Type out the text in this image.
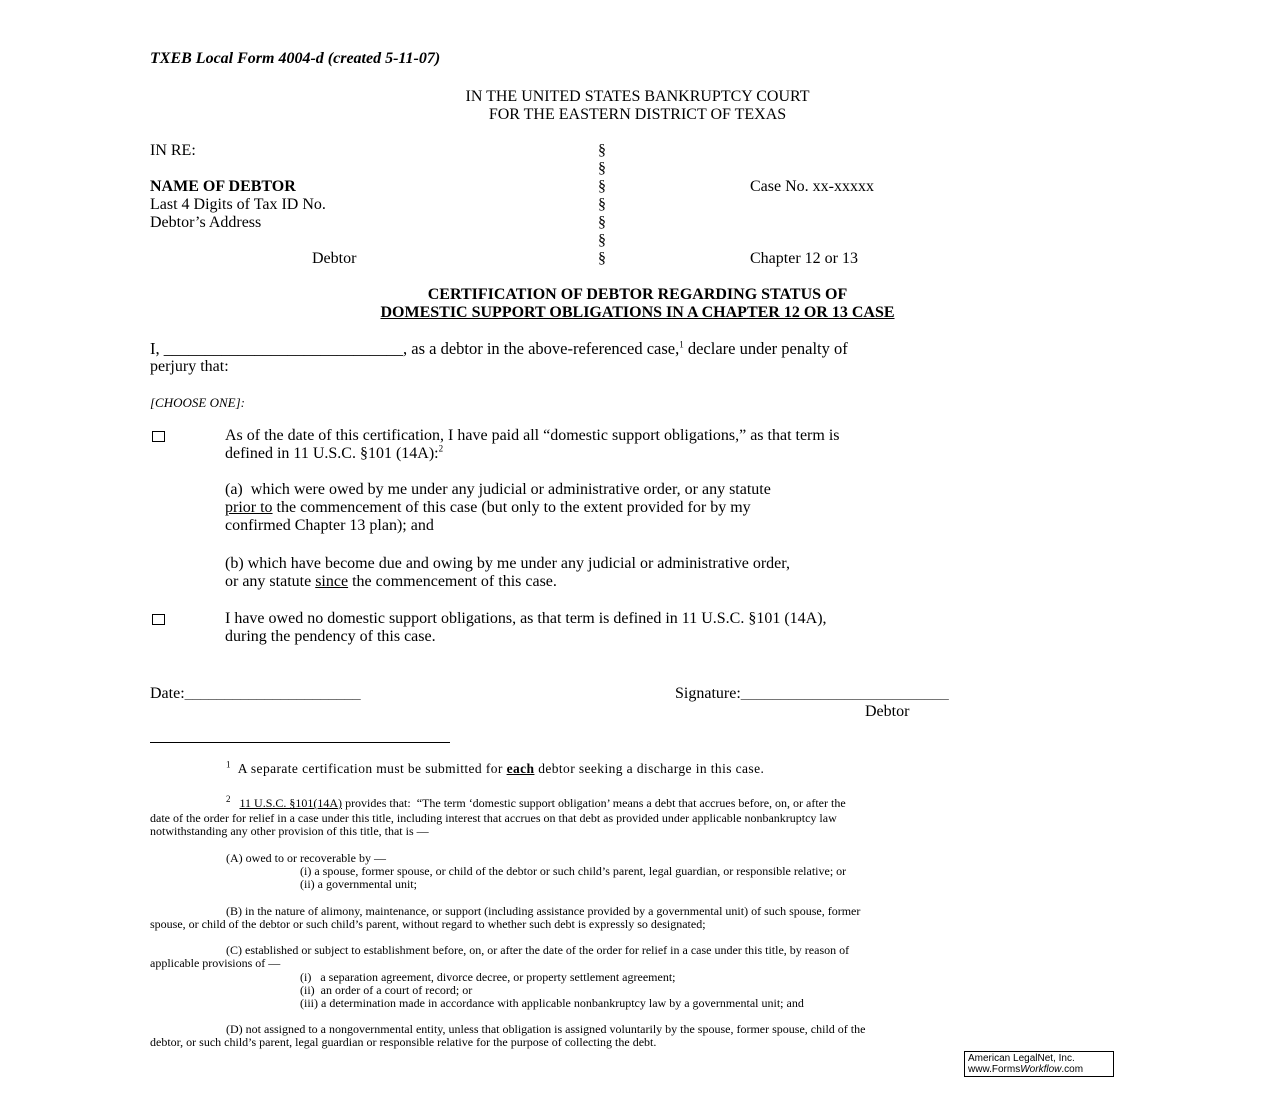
TXEB Local Form 4004-d (created 5-11-07)
IN THE UNITED STATES BANKRUPTCY COURT
FOR THE EASTERN DISTRICT OF TEXAS
IN RE:
NAME OF DEBTOR
Last 4 Digits of Tax ID No.
Debtor’s Address
Debtor
§
§
§
§
§
§
§
Case No. xx-xxxxx
Chapter 12 or 13
CERTIFICATION OF DEBTOR REGARDING STATUS OF
DOMESTIC SUPPORT OBLIGATIONS IN A CHAPTER 12 OR 13 CASE
I, _____________________________, as a debtor in the above-referenced case,$^1$ declare under penalty of
perjury that:
[CHOOSE ONE]:
As of the date of this certification, I have paid all “domestic support obligations,” as that term is
defined in 11 U.S.C. §101 (14A):$^2$
(a)  which were owed by me under any judicial or administrative order, or any statute
prior to the commencement of this case (but only to the extent provided for by my
confirmed Chapter 13 plan); and
(b) which have become due and owing by me under any judicial or administrative order,
or any statute since the commencement of this case.
I have owed no domestic support obligations, as that term is defined in 11 U.S.C. §101 (14A),
during the pendency of this case.
Date:______________________	Signature:__________________________
Debtor
$^1$ A separate certification must be submitted for each debtor seeking a discharge in this case.
$^2$ 11 U.S.C. §101(14A) provides that:  “The term ‘domestic support obligation’ means a debt that accrues before, on, or after the
date of the order for relief in a case under this title, including interest that accrues on that debt as provided under applicable nonbankruptcy law
notwithstanding any other provision of this title, that is —
(A) owed to or recoverable by —
(i) a spouse, former spouse, or child of the debtor or such child’s parent, legal guardian, or responsible relative; or
(ii) a governmental unit;
(B) in the nature of alimony, maintenance, or support (including assistance provided by a governmental unit) of such spouse, former
spouse, or child of the debtor or such child’s parent, without regard to whether such debt is expressly so designated;
(C) established or subject to establishment before, on, or after the date of the order for relief in a case under this title, by reason of
applicable provisions of —
(i)   a separation agreement, divorce decree, or property settlement agreement;
(ii)  an order of a court of record; or
(iii) a determination made in accordance with applicable nonbankruptcy law by a governmental unit; and
(D) not assigned to a nongovernmental entity, unless that obligation is assigned voluntarily by the spouse, former spouse, child of the
debtor, or such child’s parent, legal guardian or responsible relative for the purpose of collecting the debt.
American LegalNet, Inc.
www.FormsWorkflow.com
